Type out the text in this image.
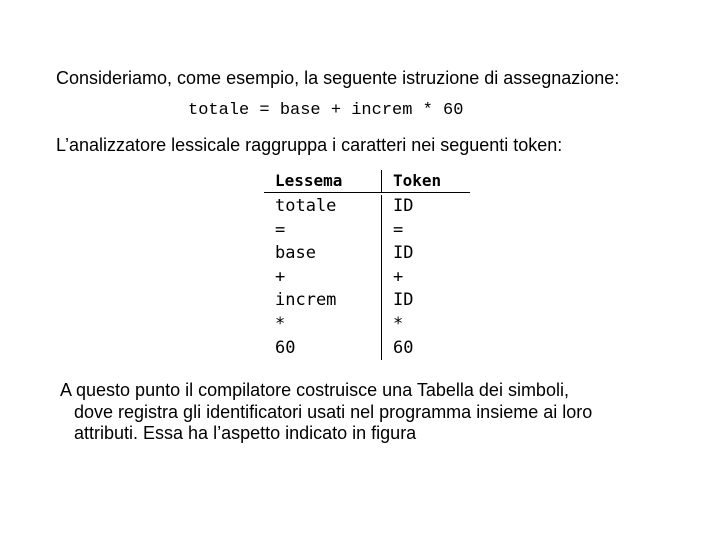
Consideriamo, come esempio, la seguente istruzione di assegnazione:
totale = base + increm * 60
L’analizzatore lessicale raggruppa i caratteri nei seguenti token:
Lessema	Token
totale	ID
=	=
base	ID
+	+
increm	ID
*	*
60	60
A questo punto il compilatore costruisce una Tabella dei simboli,
dove registra gli identificatori usati nel programma insieme ai loro
attributi. Essa ha l’aspetto indicato in figura
